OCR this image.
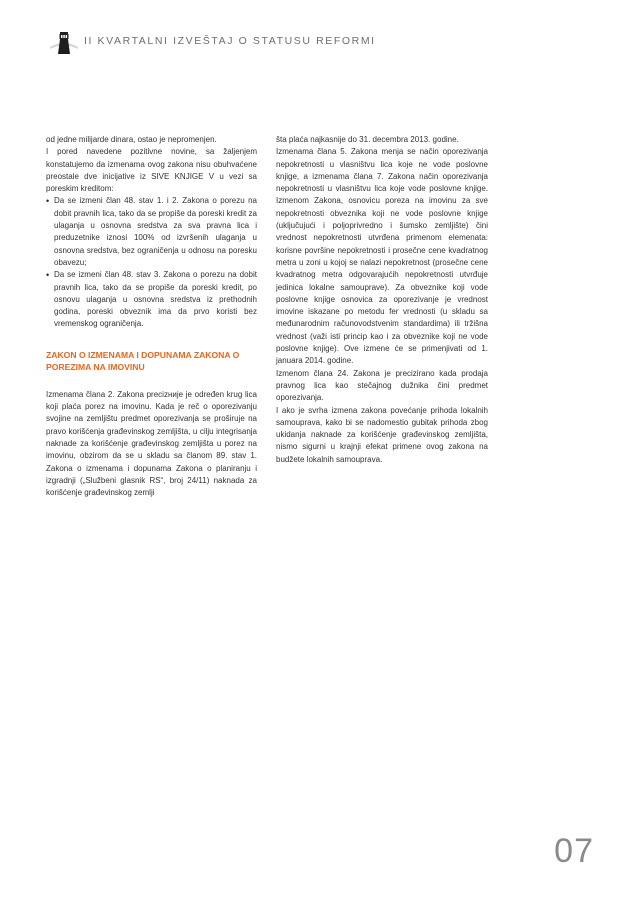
II KVARTALNI IZVEŠTAJ O STATUSU REFORMI

od jedne milijarde dinara, ostao je nepromenjen.

I pored navedene pozitivne novine, sa žaljenjem konstatujemo da izmenama ovog zakona nisu obuhvaćene preostale dve inicijative iz SIVE KNJIGE V u vezi sa poreskim kreditom:

• Da se izmeni član 48. stav 1. i 2. Zakona o porezu na dobit pravnih lica, tako da se propiše da poreski kredit za ulaganja u osnovna sredstva za sva pravna lica i preduzetnike iznosi 100% od izvršenih ulaganja u osnovna sredstva, bez ograničenja u odnosu na poresku obavezu;
• Da se izmeni član 48. stav 3. Zakona o porezu na dobit pravnih lica, tako da se propiše da poreski kredit, po osnovu ulaganja u osnovna sredstva iz prethodnih godina, poreski obveznik ima da prvo koristi bez vremenskog ograničenja.
ZAKON O IZMENAMA I DOPUNAMA ZAKONA O POREZIMA NA IMOVINU

Izmenama člana 2. Zakona precizније je određen krug lica koji plaća porez na imovinu. Kada je reč o oporezivanju svojine na zemljištu predmet oporezivanja se proširuje na pravo korišćenja građevinskog zemljišta, u cilju integrisanja naknade za korišćenje građevinskog zemljišta u porez na imovinu, obzirom da se u skladu sa članom 89. stav 1. Zakona o izmenama i dopunama Zakona o planiranju i izgradnji („Službeni glasnik RS“, broj 24/11) naknada za korišćenje građevinskog zemlji

šta plaća najkasnije do 31. decembra 2013. godine.

Izmenama člana 5. Zakona menja se način oporezivanja nepokretnosti u vlasništvu lica koje ne vode poslovne knjige, a izmenama člana 7. Zakona način oporezivanja nepokretnosti u vlasništvu lica koje vode poslovne knjige. Izmenom Zakona, osnovicu poreza na imovinu za sve nepokretnosti obveznika koji ne vode poslovne knjige (uključujući i poljoprivredno i šumsko zemljište) čini vrednost nepokretnosti utvrđena primenom elemenata: korisne površine nepokretnosti i prosečne cene kvadratnog metra u zoni u kojoj se nalazi nepokretnost (prosečne cene kvadratnog metra odgovarajućih nepokretnosti utvrđuje jedinica lokalne samouprave). Za obveznike koji vode poslovne knjige osnovica za oporezivanje je vrednost imovine iskazane po metodu fer vrednosti (u skladu sa međunarodnim računovodstvenim standardima) ili tržišna vrednost (važi isti princip kao i za obveznike koji ne vode poslovne knjige). Ove izmene će se primenjivati od 1. januara 2014. godine.

Izmenom člana 24. Zakona je precizirano kada prodaja pravnog lica kao stečajnog dužnika čini predmet oporezivanja.

I ako je svrha izmena zakona povećanje prihoda lokalnih samouprava, kako bi se nadomestio gubitak prihoda zbog ukidanja naknade za korišćenje građevinskog zemljišta, nismo sigurni u krajnji efekat primene ovog zakona na budžete lokalnih samouprava.

07
